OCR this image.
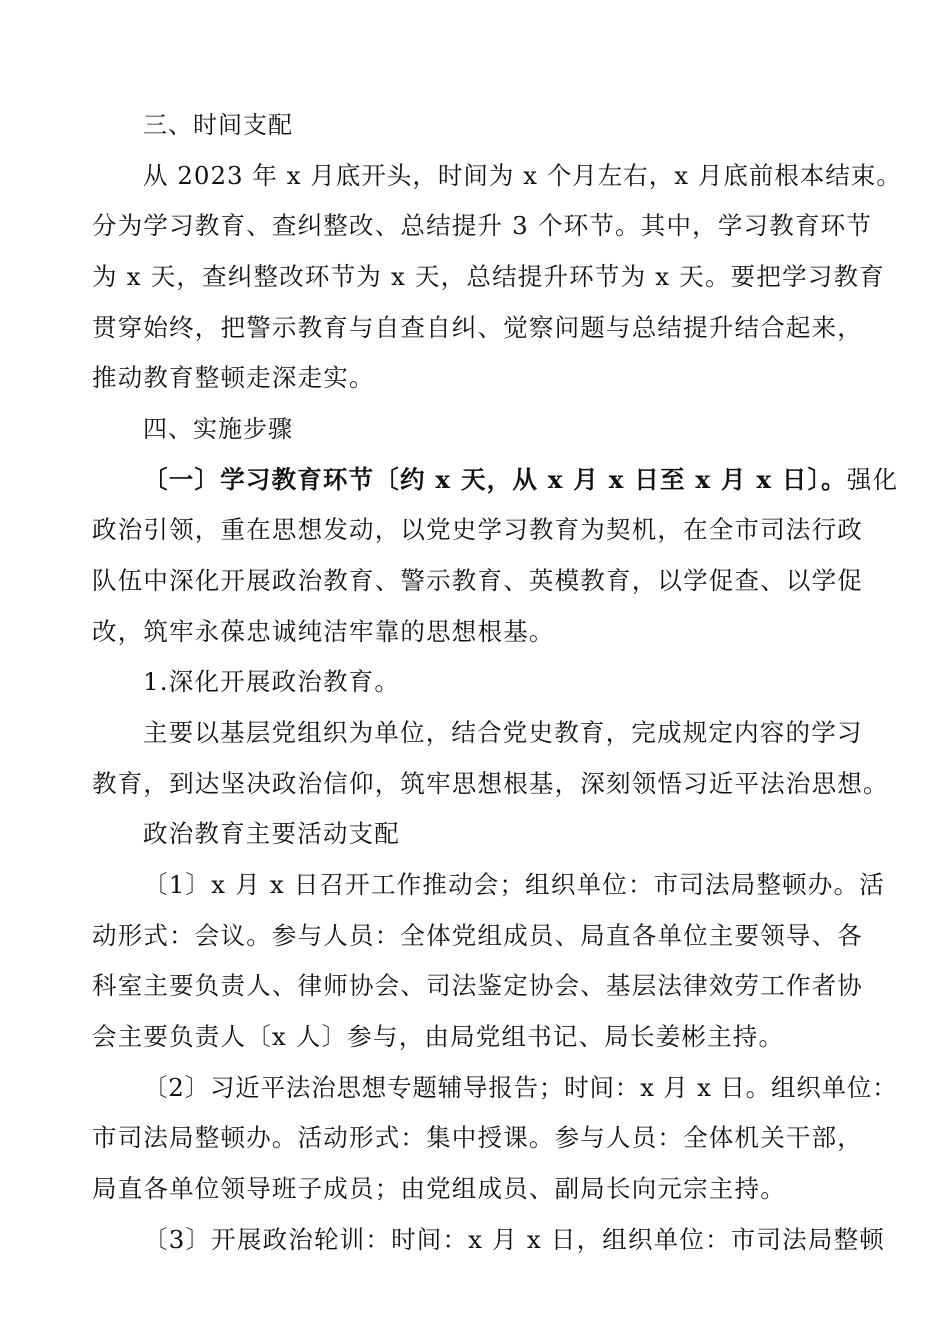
三、时间支配
从 2023 年 x 月底开头，时间为 x 个月左右，x 月底前根本结束。
分为学习教育、查纠整改、总结提升 3 个环节。其中，学习教育环节
为 x 天，查纠整改环节为 x 天，总结提升环节为 x 天。要把学习教育
贯穿始终，把警示教育与自查自纠、觉察问题与总结提升结合起来，
推动教育整顿走深走实。
四、实施步骤
〔一〕学习教育环节〔约 x 天，从 x 月 x 日至 x 月 x 日〕。强化
政治引领，重在思想发动，以党史学习教育为契机，在全市司法行政
队伍中深化开展政治教育、警示教育、英模教育，以学促查、以学促
改，筑牢永葆忠诚纯洁牢靠的思想根基。
1.深化开展政治教育。
主要以基层党组织为单位，结合党史教育，完成规定内容的学习
教育，到达坚决政治信仰，筑牢思想根基，深刻领悟习近平法治思想。
政治教育主要活动支配
〔1〕x 月 x 日召开工作推动会；组织单位：市司法局整顿办。活
动形式：会议。参与人员：全体党组成员、局直各单位主要领导、各
科室主要负责人、律师协会、司法鉴定协会、基层法律效劳工作者协
会主要负责人〔x 人〕参与，由局党组书记、局长姜彬主持。
〔2〕习近平法治思想专题辅导报告；时间：x 月 x 日。组织单位：
市司法局整顿办。活动形式：集中授课。参与人员：全体机关干部，
局直各单位领导班子成员；由党组成员、副局长向元宗主持。
〔3〕开展政治轮训：时间：x 月 x 日，组织单位：市司法局整顿
